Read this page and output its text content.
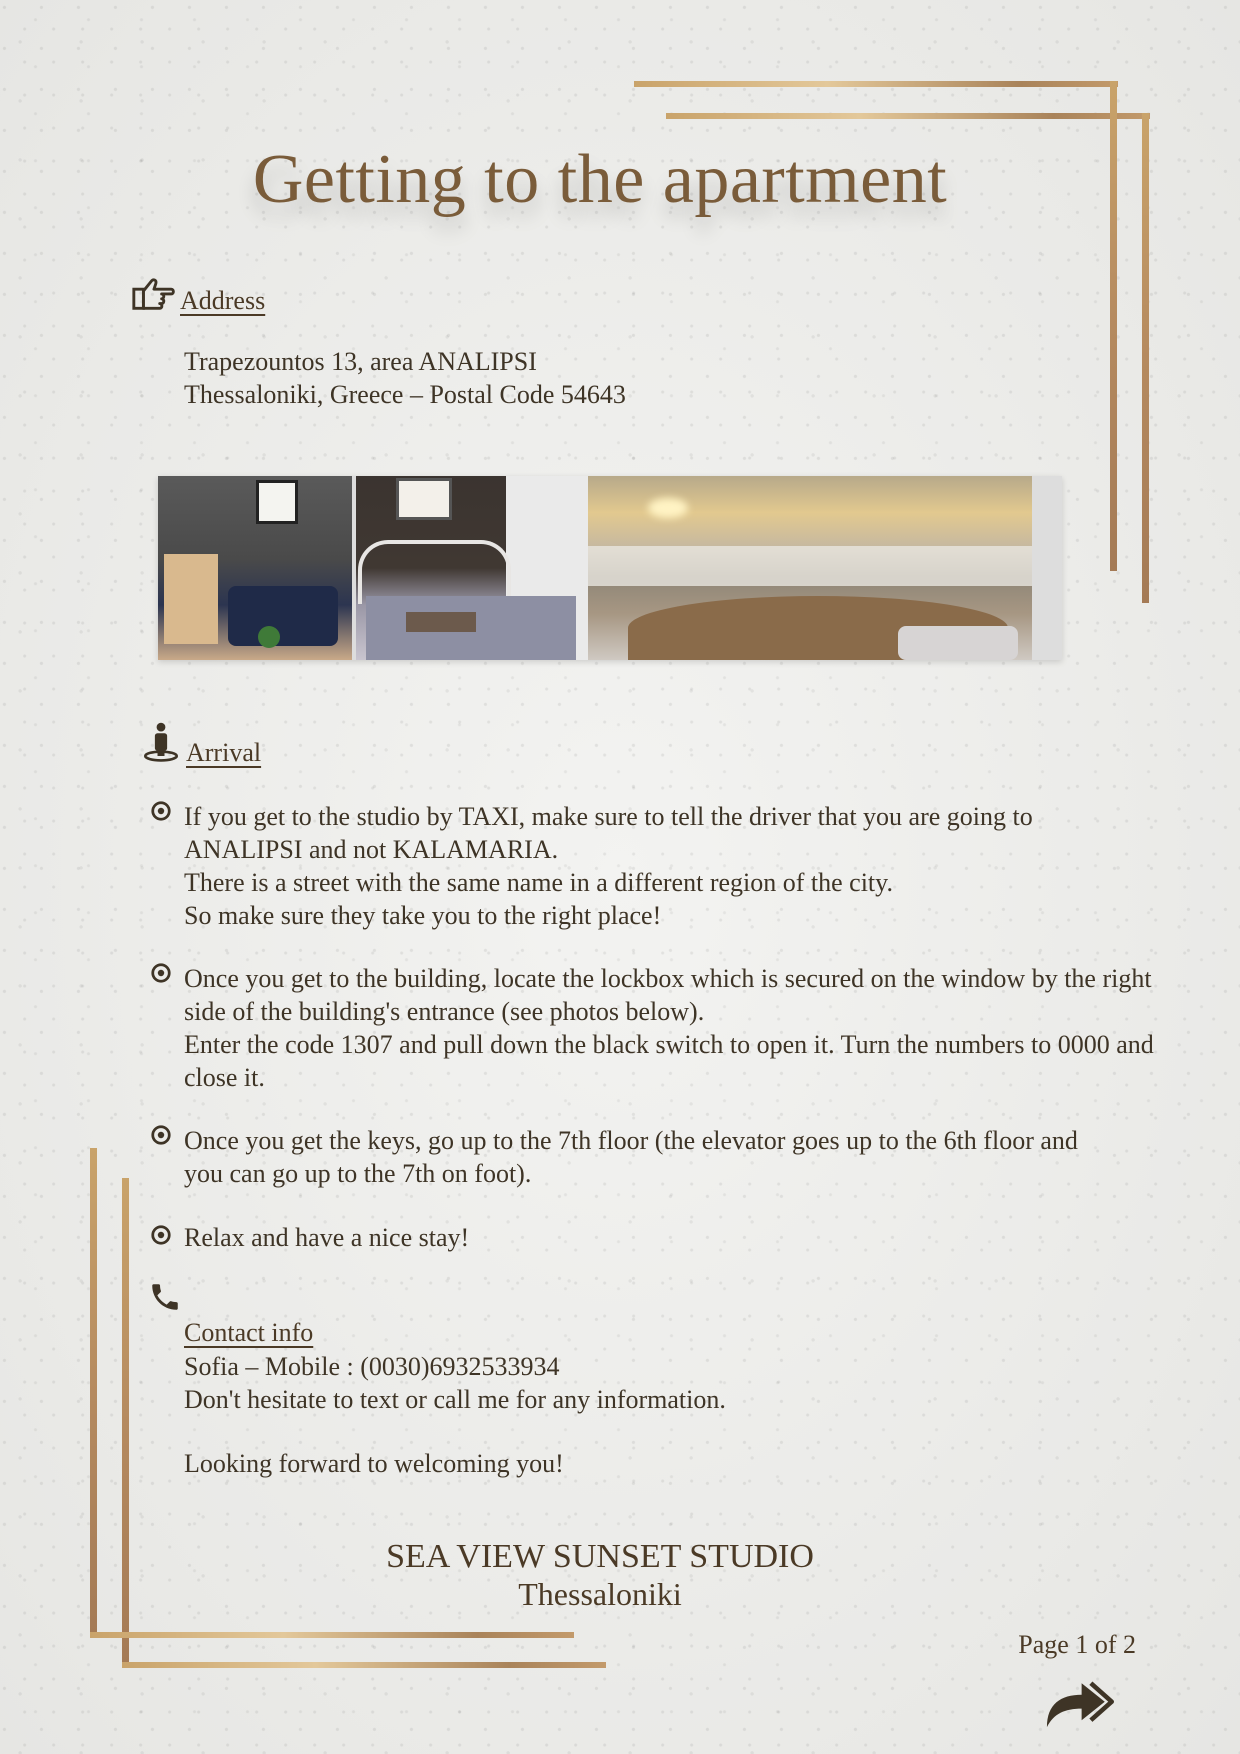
Getting to the apartment
Address
Trapezountos 13, area ANALIPSI
Thessaloniki, Greece – Postal Code 54643
Arrival
If you get to the studio by TAXI, make sure to tell the driver that you are going to ANALIPSI and not KALAMARIA.
There is a street with the same name in a different region of the city.
So make sure they take you to the right place!
Once you get to the building, locate the lockbox which is secured on the window by the right side of the building's entrance (see photos below).
Enter the code 1307 and pull down the black switch to open it. Turn the numbers to 0000 and close it.
Once you get the keys, go up to the 7th floor (the elevator goes up to the 6th floor and you can go up to the 7th on foot).
Relax and have a nice stay!
Contact info
Sofia – Mobile : (0030)6932533934
Don't hesitate to text or call me for any information.
Looking forward to welcoming you!
SEA VIEW SUNSET STUDIO
Thessaloniki
Page 1 of 2
